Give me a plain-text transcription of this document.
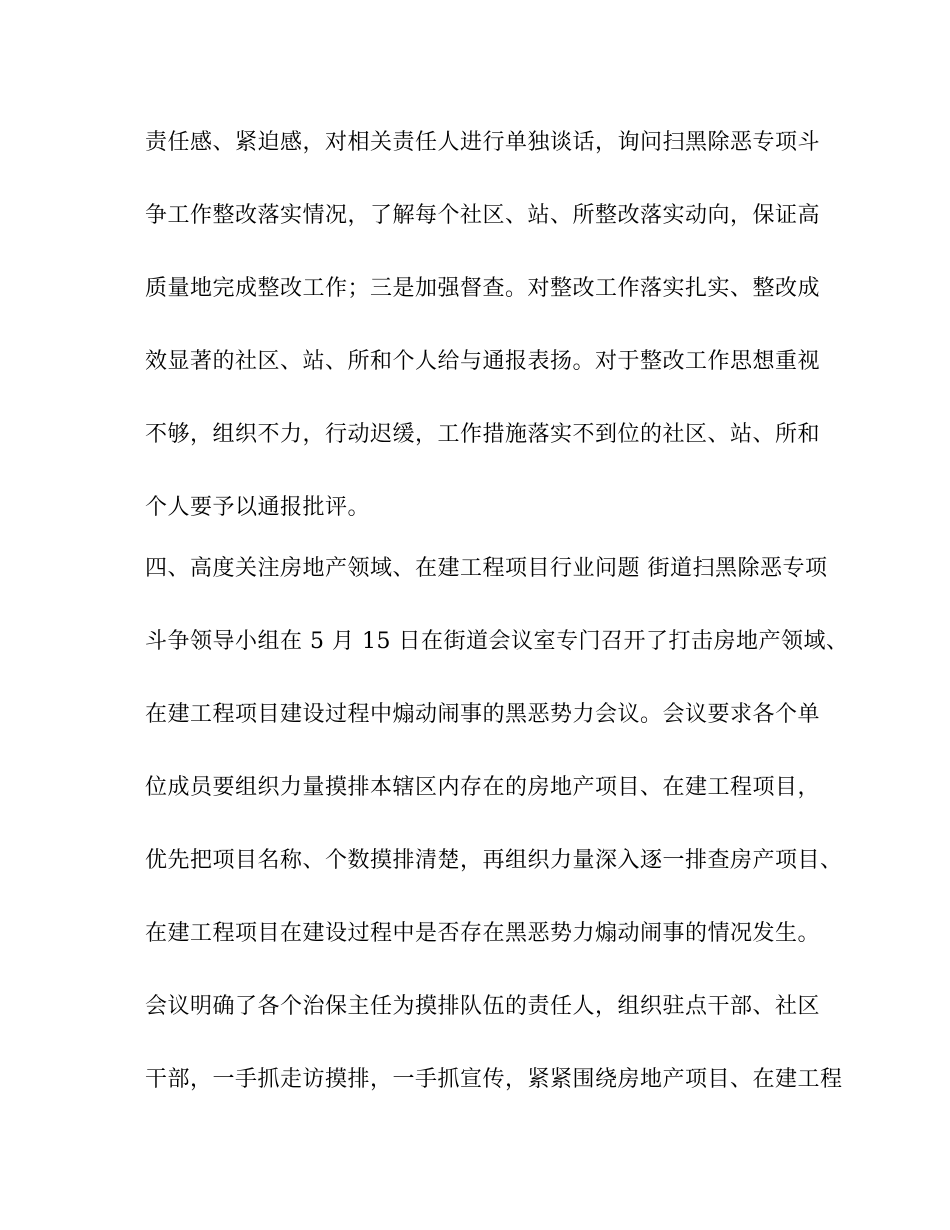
责任感、紧迫感，对相关责任人进行单独谈话，询问扫黑除恶专项斗
争工作整改落实情况，了解每个社区、站、所整改落实动向，保证高
质量地完成整改工作；三是加强督查。对整改工作落实扎实、整改成
效显著的社区、站、所和个人给与通报表扬。对于整改工作思想重视
不够，组织不力，行动迟缓，工作措施落实不到位的社区、站、所和
个人要予以通报批评。
四、高度关注房地产领域、在建工程项目行业问题 街道扫黑除恶专项
斗争领导小组在 5 月 15 日在街道会议室专门召开了打击房地产领域、
在建工程项目建设过程中煽动闹事的黑恶势力会议。会议要求各个单
位成员要组织力量摸排本辖区内存在的房地产项目、在建工程项目，
优先把项目名称、个数摸排清楚，再组织力量深入逐一排查房产项目、
在建工程项目在建设过程中是否存在黑恶势力煽动闹事的情况发生。
会议明确了各个治保主任为摸排队伍的责任人，组织驻点干部、社区
干部，一手抓走访摸排，一手抓宣传，紧紧围绕房地产项目、在建工程
